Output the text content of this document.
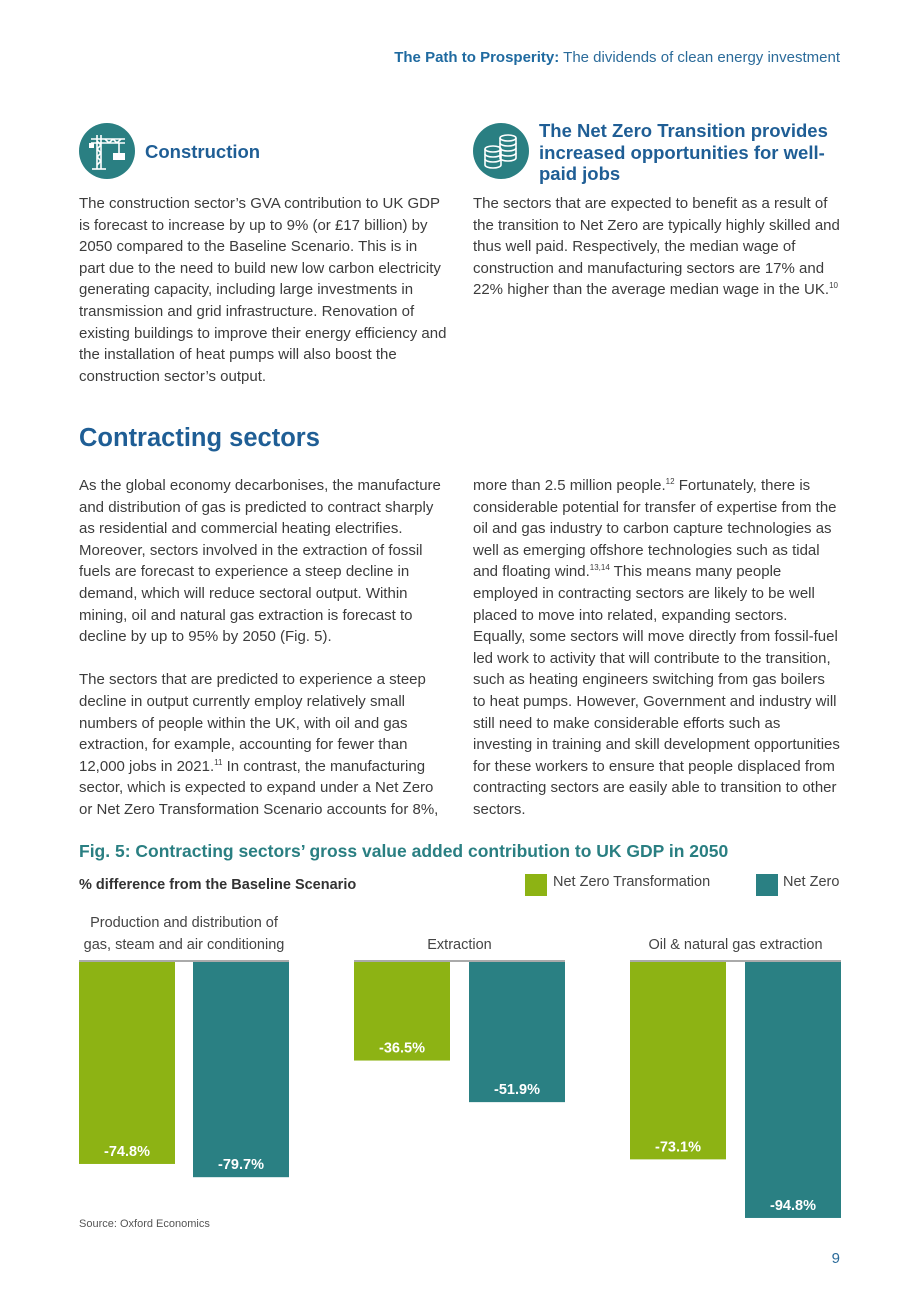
The Path to Prosperity: The dividends of clean energy investment
Construction
The construction sector’s GVA contribution to UK GDP is forecast to increase by up to 9% (or £17 billion) by 2050 compared to the Baseline Scenario. This is in part due to the need to build new low carbon electricity generating capacity, including large investments in transmission and grid infrastructure. Renovation of existing buildings to improve their energy efficiency and the installation of heat pumps will also boost the construction sector’s output.
The Net Zero Transition provides increased opportunities for well-paid jobs
The sectors that are expected to benefit as a result of the transition to Net Zero are typically highly skilled and thus well paid. Respectively, the median wage of construction and manufacturing sectors are 17% and 22% higher than the average median wage in the UK.$^{10}$
Contracting sectors

As the global economy decarbonises, the manufacture and distribution of gas is predicted to contract sharply as residential and commercial heating electrifies. Moreover, sectors involved in the extraction of fossil fuels are forecast to experience a steep decline in demand, which will reduce sectoral output. Within mining, oil and natural gas extraction is forecast to decline by up to 95% by 2050 (Fig. 5).

The sectors that are predicted to experience a steep decline in output currently employ relatively small numbers of people within the UK, with oil and gas extraction, for example, accounting for fewer than 12,000 jobs in 2021.11 In contrast, the manufacturing sector, which is expected to expand under a Net Zero or Net Zero Transformation Scenario accounts for 8%,

more than 2.5 million people.$^{12}$ Fortunately, there is considerable potential for transfer of expertise from the oil and gas industry to carbon capture technologies as well as emerging offshore technologies such as tidal and floating wind.$^{13,14}$ This means many people employed in contracting sectors are likely to be well placed to move into related, expanding sectors. Equally, some sectors will move directly from fossil-fuel led work to activity that will contribute to the transition, such as heating engineers switching from gas boilers to heat pumps. However, Government and industry will still need to make considerable efforts such as investing in training and skill development opportunities for these workers to ensure that people displaced from contracting sectors are easily able to transition to other sectors.

Fig. 5: Contracting sectors’ gross value added contribution to UK GDP in 2050
% difference from the Baseline Scenario	Net Zero Transformation	Net Zero
Production and distribution of
gas, steam and air conditioning
-74.8%
-79.7%
Extraction
-36.5%
-51.9%
Oil & natural gas extraction
-73.1%
-94.8%
Source: Oxford Economics
9
